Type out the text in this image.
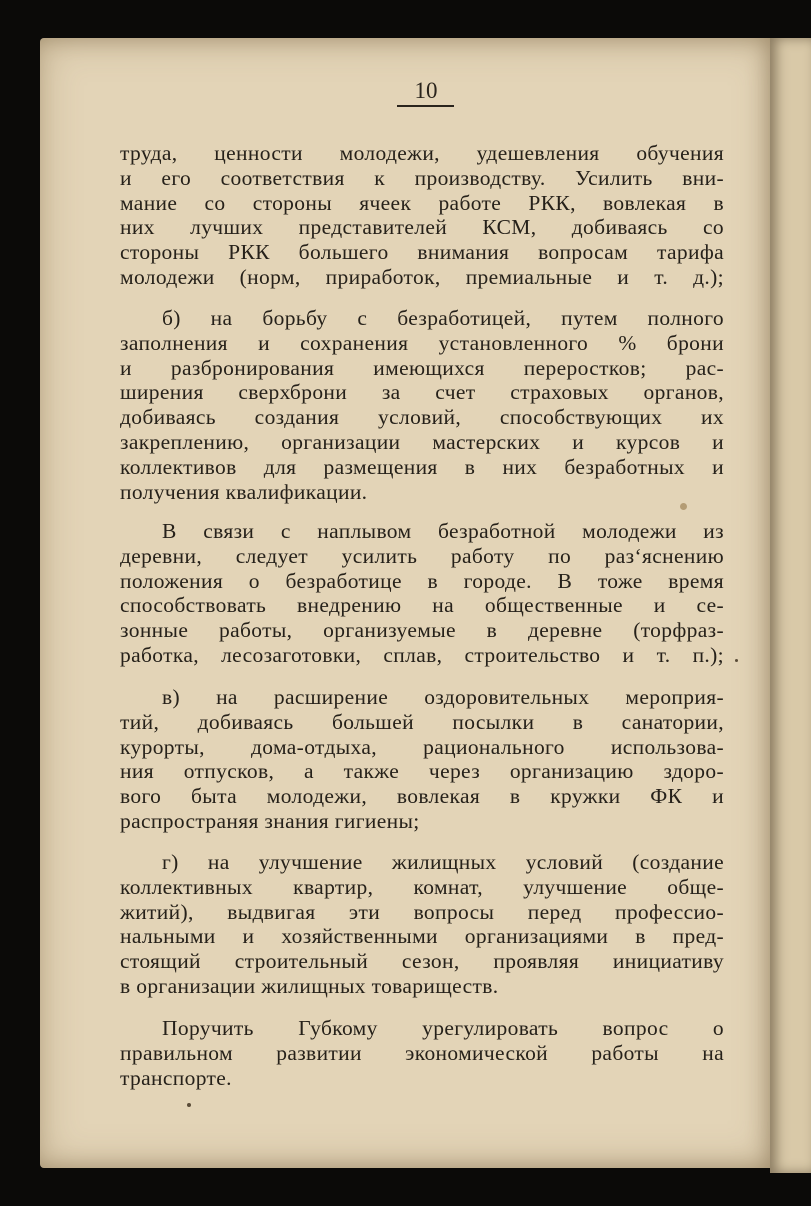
10
труда, ценности молодежи, удешевления обучения
и его соответствия к производству. Усилить вни-
мание со стороны ячеек работе РКК, вовлекая в
них лучших представителей КСМ, добиваясь со
стороны РКК большего внимания вопросам тарифа
молодежи (норм, приработок, премиальные и т. д.);
б) на борьбу с безработицей, путем полного
заполнения и сохранения установленного % брони
и разбронирования имеющихся переростков; рас-
ширения сверхброни за счет страховых органов,
добиваясь создания условий, способствующих их
закреплению, организации мастерских и курсов и
коллективов для размещения в них безработных и
получения квалификации.
В связи с наплывом безработной молодежи из
деревни, следует усилить работу по раз‘яснению
положения о безработице в городе. В тоже время
способствовать внедрению на общественные и се-
зонные работы, организуемые в деревне (торфраз-
работка, лесозаготовки, сплав, строительство и т. п.);
в) на расширение оздоровительных мероприя-
тий, добиваясь большей посылки в санатории,
курорты, дома-отдыха, рационального использова-
ния отпусков, а также через организацию здоро-
вого быта молодежи, вовлекая в кружки ФК и
распространяя знания гигиены;
г) на улучшение жилищных условий (создание
коллективных квартир, комнат, улучшение обще-
житий), выдвигая эти вопросы перед профессио-
нальными и хозяйственными организациями в пред-
стоящий строительный сезон, проявляя инициативу
в организации жилищных товариществ.
Поручить Губкому урегулировать вопрос о
правильном развитии экономической работы на
транспорте.
